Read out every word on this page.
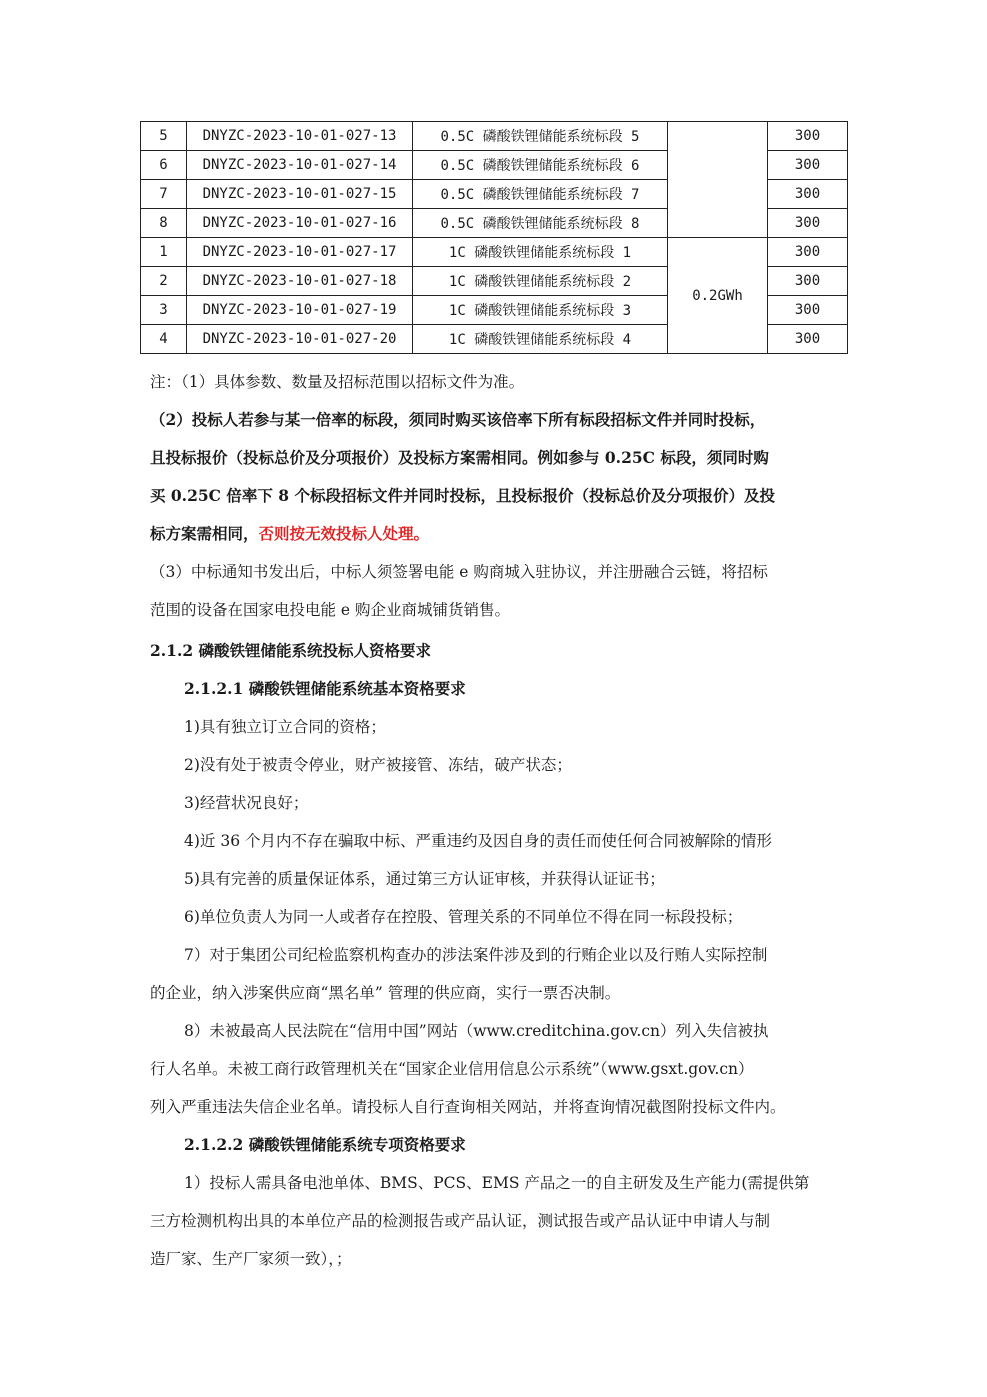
5	DNYZC-2023-10-01-027-13	0.5C 磷酸铁锂储能系统标段 5		300
6	DNYZC-2023-10-01-027-14	0.5C 磷酸铁锂储能系统标段 6		300
7	DNYZC-2023-10-01-027-15	0.5C 磷酸铁锂储能系统标段 7		300
8	DNYZC-2023-10-01-027-16	0.5C 磷酸铁锂储能系统标段 8		300
1	DNYZC-2023-10-01-027-17	1C 磷酸铁锂储能系统标段 1	0.2GWh	300
2	DNYZC-2023-10-01-027-18	1C 磷酸铁锂储能系统标段 2		300
3	DNYZC-2023-10-01-027-19	1C 磷酸铁锂储能系统标段 3		300
4	DNYZC-2023-10-01-027-20	1C 磷酸铁锂储能系统标段 4		300
注：（1）具体参数、数量及招标范围以招标文件为准。
（2）投标人若参与某一倍率的标段，须同时购买该倍率下所有标段招标文件并同时投标，
且投标报价（投标总价及分项报价）及投标方案需相同。例如参与 0.25C 标段，须同时购
买 0.25C 倍率下 8 个标段招标文件并同时投标，且投标报价（投标总价及分项报价）及投
标方案需相同，否则按无效投标人处理。
（3）中标通知书发出后，中标人须签署电能 e 购商城入驻协议，并注册融合云链，将招标
范围的设备在国家电投电能 e 购企业商城铺货销售。
2.1.2 磷酸铁锂储能系统投标人资格要求
2.1.2.1 磷酸铁锂储能系统基本资格要求
1)具有独立订立合同的资格；
2)没有处于被责令停业，财产被接管、冻结，破产状态；
3)经营状况良好；
4)近 36 个月内不存在骗取中标、严重违约及因自身的责任而使任何合同被解除的情形
5)具有完善的质量保证体系，通过第三方认证审核，并获得认证证书；
6)单位负责人为同一人或者存在控股、管理关系的不同单位不得在同一标段投标；
7）对于集团公司纪检监察机构查办的涉法案件涉及到的行贿企业以及行贿人实际控制
的企业，纳入涉案供应商“黑名单” 管理的供应商，实行一票否决制。
8）未被最高人民法院在“信用中国”网站（www.creditchina.gov.cn）列入失信被执
行人名单。未被工商行政管理机关在“国家企业信用信息公示系统”（www.gsxt.gov.cn）
列入严重违法失信企业名单。请投标人自行查询相关网站，并将查询情况截图附投标文件内。
2.1.2.2 磷酸铁锂储能系统专项资格要求
1）投标人需具备电池单体、BMS、PCS、EMS 产品之一的自主研发及生产能力(需提供第
三方检测机构出具的本单位产品的检测报告或产品认证，测试报告或产品认证中申请人与制
造厂家、生产厂家须一致），；
